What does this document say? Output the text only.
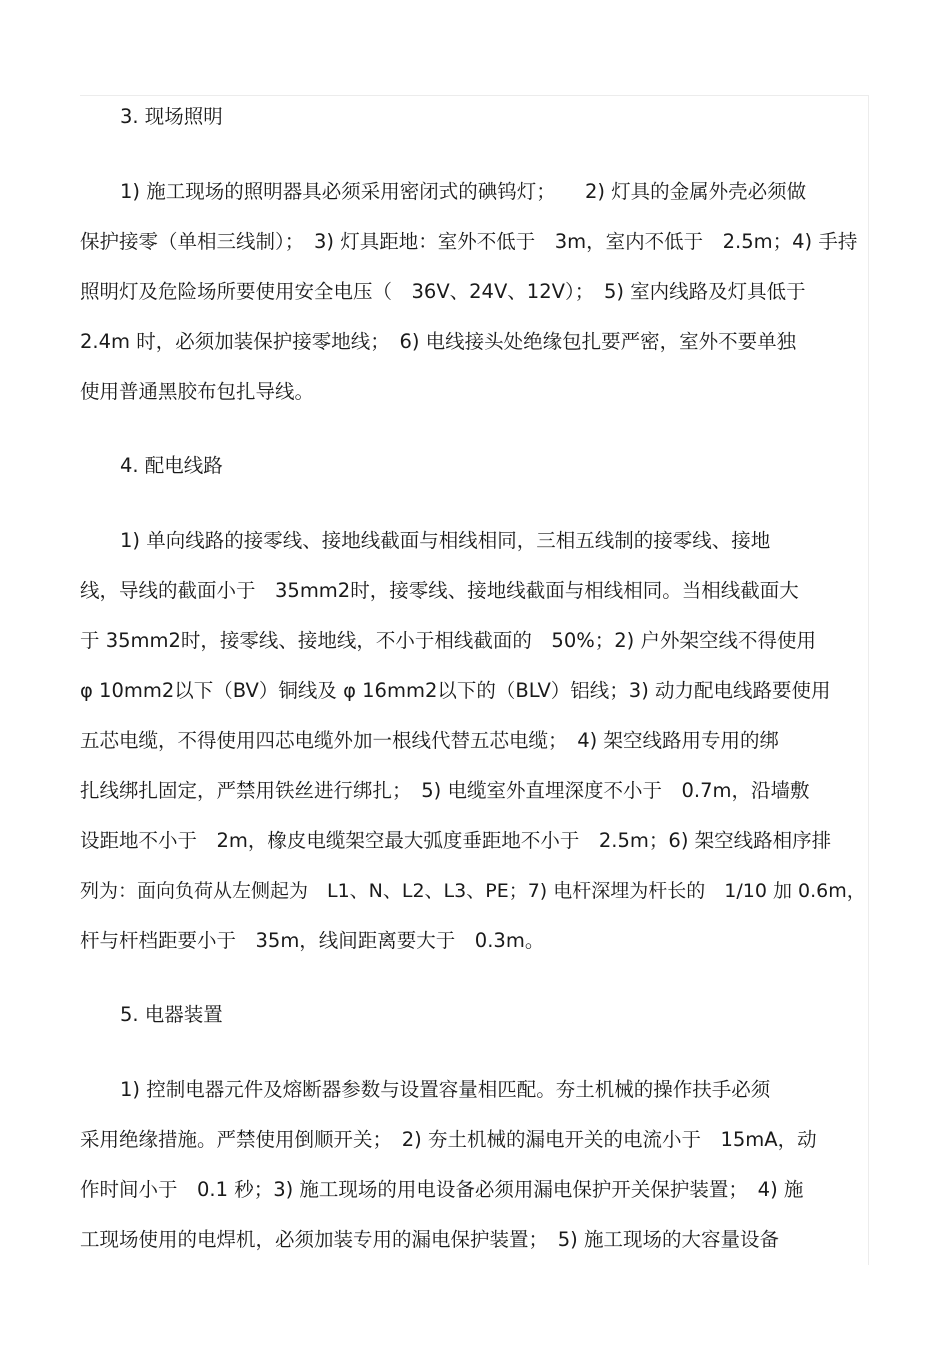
3. 现场照明
1) 施工现场的照明器具必须采用密闭式的碘钨灯；　　2) 灯具的金属外壳必须做
保护接零（单相三线制）；　3) 灯具距地：室外不低于　3m，室内不低于　2.5m；4) 手持
照明灯及危险场所要使用安全电压（　36V、24V、12V）；　5) 室内线路及灯具低于
2.4m 时，必须加装保护接零地线；　6) 电线接头处绝缘包扎要严密，室外不要单独
使用普通黑胶布包扎导线。
4. 配电线路
1) 单向线路的接零线、接地线截面与相线相同，三相五线制的接零线、接地
线，导线的截面小于　35mm2时，接零线、接地线截面与相线相同。当相线截面大
于 35mm2时，接零线、接地线，不小于相线截面的　50%；2) 户外架空线不得使用
φ 10mm2以下（BV）铜线及 φ 16mm2以下的（BLV）铝线；3) 动力配电线路要使用
五芯电缆，不得使用四芯电缆外加一根线代替五芯电缆；　4) 架空线路用专用的绑
扎线绑扎固定，严禁用铁丝进行绑扎；　5) 电缆室外直埋深度不小于　0.7m，沿墙敷
设距地不小于　2m，橡皮电缆架空最大弧度垂距地不小于　2.5m；6) 架空线路相序排
列为：面向负荷从左侧起为　L1、N、L2、L3、PE；7) 电杆深埋为杆长的　1/10 加 0.6m，
杆与杆档距要小于　35m，线间距离要大于　0.3m。
5. 电器装置
1) 控制电器元件及熔断器参数与设置容量相匹配。夯土机械的操作扶手必须
采用绝缘措施。严禁使用倒顺开关；　2) 夯土机械的漏电开关的电流小于　15mA，动
作时间小于　0.1 秒；3) 施工现场的用电设备必须用漏电保护开关保护装置；　4) 施
工现场使用的电焊机，必须加装专用的漏电保护装置；　5) 施工现场的大容量设备
